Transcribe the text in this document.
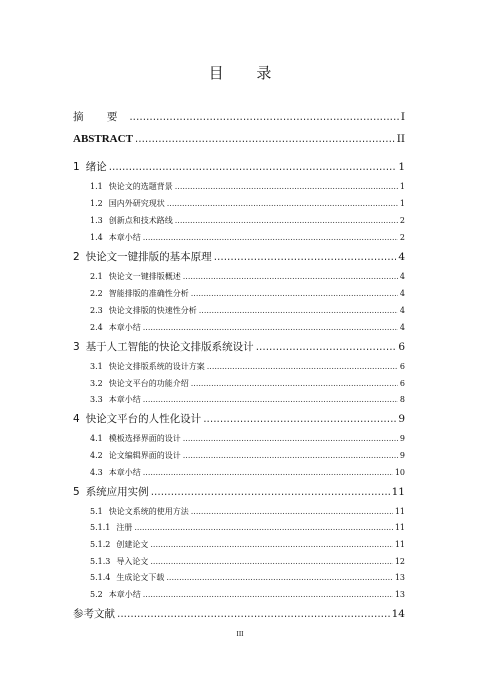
目 录
摘 要 .....	I
ABSTRACT .....	II
1 绪论 .....	1
1.1 快论文的选题背景 .....	1
1.2 国内外研究现状 .....	1
1.3 创新点和技术路线 .....	2
1.4 本章小结 .....	2
2 快论文一键排版的基本原理 .....	4
2.1 快论文一键排版概述 .....	4
2.2 智能排版的准确性分析 .....	4
2.3 快论文排版的快速性分析 .....	4
2.4 本章小结 .....	4
3 基于人工智能的快论文排版系统设计 .....	6
3.1 快论文排版系统的设计方案 .....	6
3.2 快论文平台的功能介绍 .....	6
3.3 本章小结 .....	8
4 快论文平台的人性化设计 .....	9
4.1 模板选择界面的设计 .....	9
4.2 论文编辑界面的设计 .....	9
4.3 本章小结 .....	10
5 系统应用实例 .....	11
5.1 快论文系统的使用方法 .....	11
5.1.1 注册 .....	11
5.1.2 创建论文 .....	11
5.1.3 导入论文 .....	12
5.1.4 生成论文下载 .....	13
5.2 本章小结 .....	13
参考文献 .....	14
III
